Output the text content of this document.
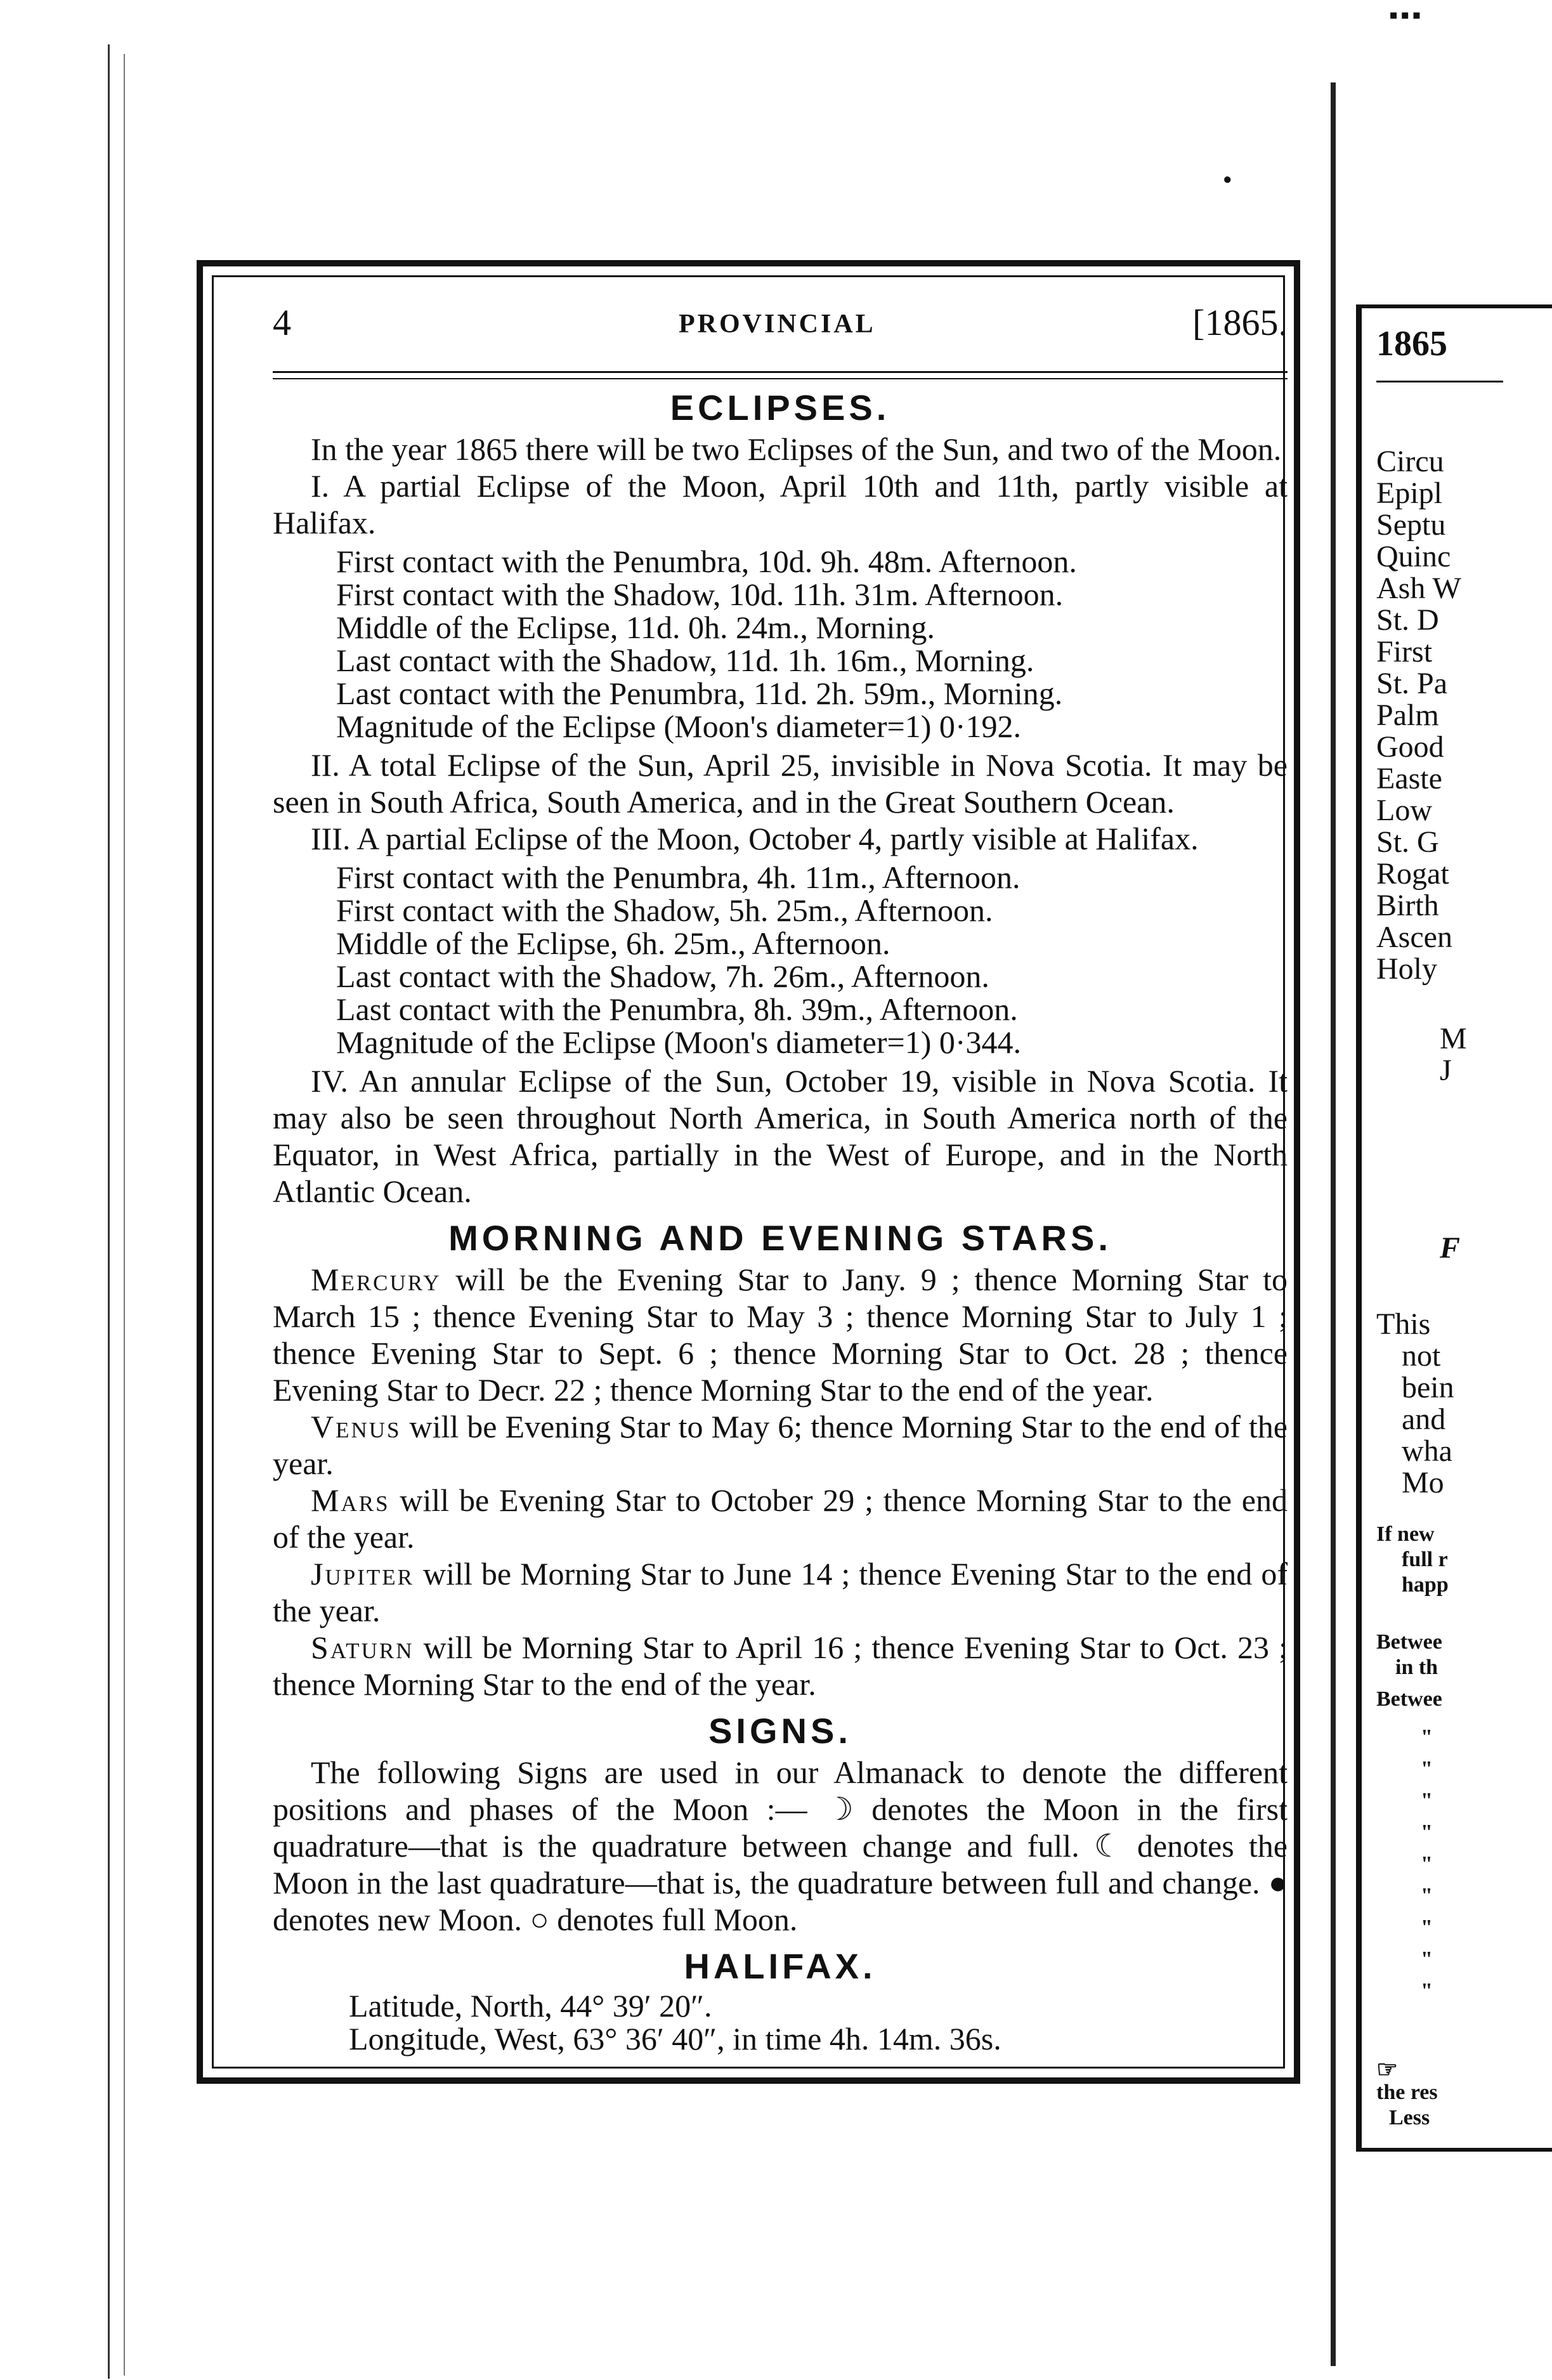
▪▪▪
●
4	PROVINCIAL	[1865.
ECLIPSES.

In the year 1865 there will be two Eclipses of the Sun, and two of the Moon.

I. A partial Eclipse of the Moon, April 10th and 11th, partly visible at Halifax.

First contact with the Penumbra, 10d. 9h. 48m. Afternoon.
First contact with the Shadow, 10d. 11h. 31m. Afternoon.
Middle of the Eclipse, 11d. 0h. 24m., Morning.
Last contact with the Shadow, 11d. 1h. 16m., Morning.
Last contact with the Penumbra, 11d. 2h. 59m., Morning.
Magnitude of the Eclipse (Moon's diameter=1) 0·192.

II. A total Eclipse of the Sun, April 25, invisible in Nova Scotia. It may be seen in South Africa, South America, and in the Great Southern Ocean.

III. A partial Eclipse of the Moon, October 4, partly visible at Halifax.

First contact with the Penumbra, 4h. 11m., Afternoon.
First contact with the Shadow, 5h. 25m., Afternoon.
Middle of the Eclipse, 6h. 25m., Afternoon.
Last contact with the Shadow, 7h. 26m., Afternoon.
Last contact with the Penumbra, 8h. 39m., Afternoon.
Magnitude of the Eclipse (Moon's diameter=1) 0·344.

IV. An annular Eclipse of the Sun, October 19, visible in Nova Scotia. It may also be seen throughout North America, in South America north of the Equator, in West Africa, partially in the West of Europe, and in the North Atlantic Ocean.

MORNING AND EVENING STARS.

Mercury will be the Evening Star to Jany. 9 ; thence Morning Star to March 15 ; thence Evening Star to May 3 ; thence Morning Star to July 1 ; thence Evening Star to Sept. 6 ; thence Morning Star to Oct. 28 ; thence Evening Star to Decr. 22 ; thence Morning Star to the end of the year.

Venus will be Evening Star to May 6; thence Morning Star to the end of the year.

Mars will be Evening Star to October 29 ; thence Morning Star to the end of the year.

Jupiter will be Morning Star to June 14 ; thence Evening Star to the end of the year.

Saturn will be Morning Star to April 16 ; thence Evening Star to Oct. 23 ; thence Morning Star to the end of the year.

SIGNS.

The following Signs are used in our Almanack to denote the different positions and phases of the Moon :— ☽ denotes the Moon in the first quadrature—that is the quadrature between change and full. ☾ denotes the Moon in the last quadrature—that is, the quadrature between full and change. ● denotes new Moon. ○ denotes full Moon.

HALIFAX.
Latitude, North, 44° 39′ 20″.
Longitude, West, 63° 36′ 40″, in time 4h. 14m. 36s.
1865
Circu
Epipl
Septu
Quinc
Ash W
St. D
First
St. Pa
Palm
Good
Easte
Low
St. G
Rogat
Birth
Ascen
Holy
M
J
F
This
not
bein
and
wha
Mo
If new
full r
happ
Betwee
in th
Betwee
"
"
"
"
"
"
"
"
"
☞
the res
Less
